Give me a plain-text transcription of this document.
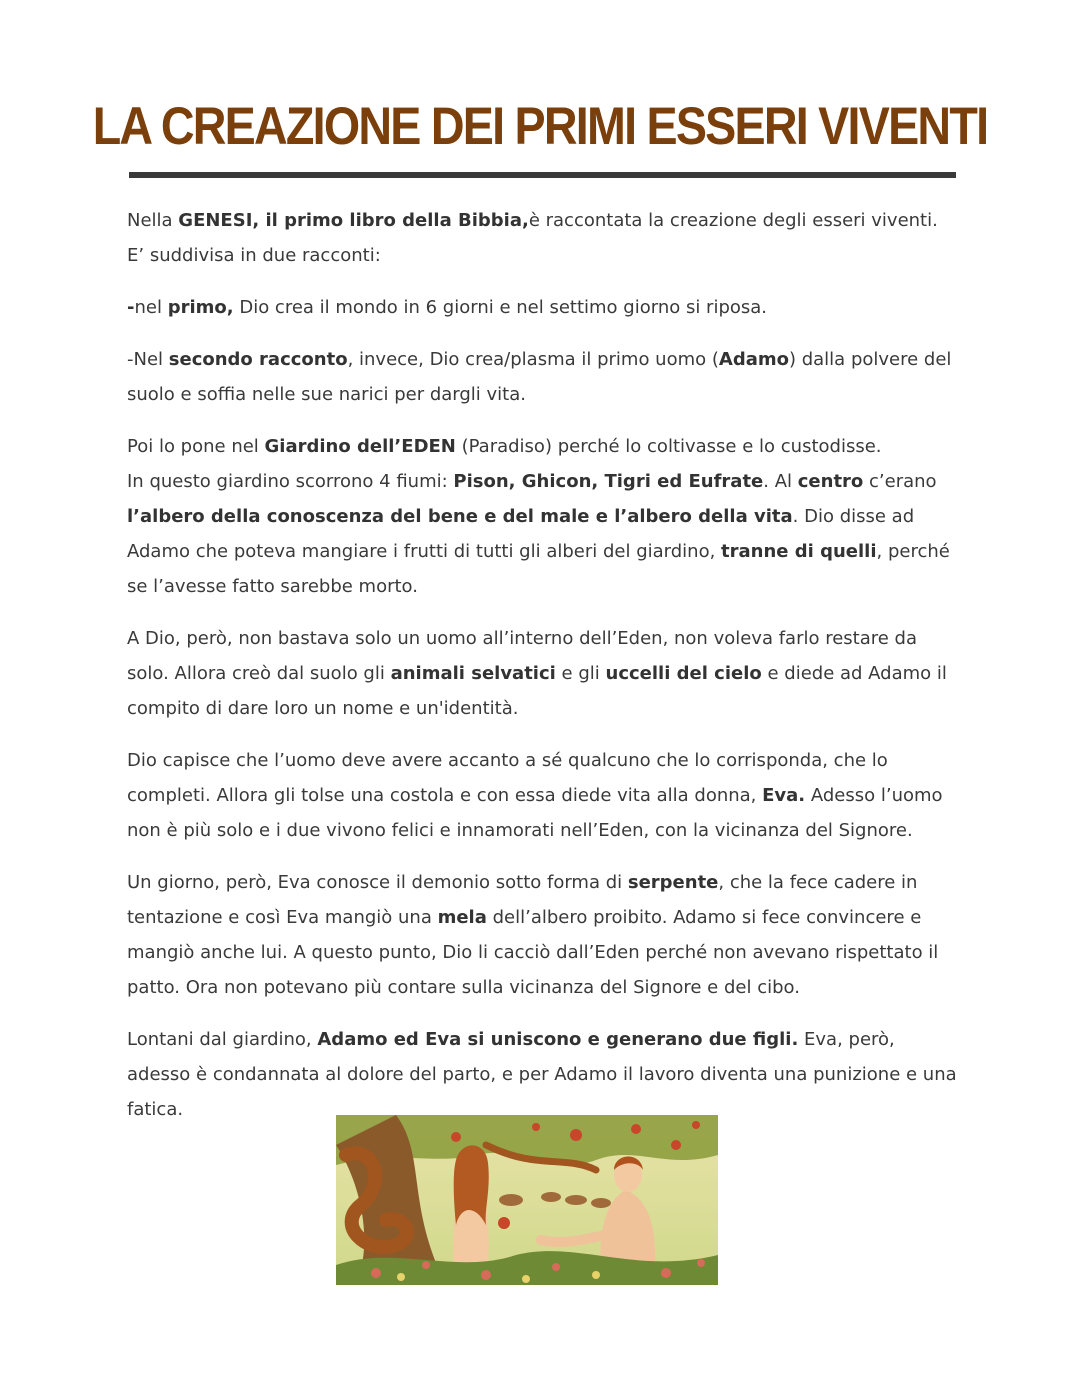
LA CREAZIONE DEI PRIMI ESSERI VIVENTI

Nella GENESI, il primo libro della Bibbia,è raccontata la creazione degli esseri viventi.
E’ suddivisa in due racconti:

-nel primo, Dio crea il mondo in 6 giorni e nel settimo giorno si riposa.

-Nel secondo racconto, invece, Dio crea/plasma il primo uomo (Adamo) dalla polvere del suolo e soffia nelle sue narici per dargli vita.

Poi lo pone nel Giardino dell’EDEN (Paradiso) perché lo coltivasse e lo custodisse.
In questo giardino scorrono 4 fiumi: Pison, Ghicon, Tigri ed Eufrate. Al centro c’erano l’albero della conoscenza del bene e del male e l’albero della vita. Dio disse ad Adamo che poteva mangiare i frutti di tutti gli alberi del giardino, tranne di quelli, perché se l’avesse fatto sarebbe morto.

A Dio, però, non bastava solo un uomo all’interno dell’Eden, non voleva farlo restare da solo. Allora creò dal suolo gli animali selvatici e gli uccelli del cielo e diede ad Adamo il compito di dare loro un nome e un'identità.

Dio capisce che l’uomo deve avere accanto a sé qualcuno che lo corrisponda, che lo completi. Allora gli tolse una costola e con essa diede vita alla donna, Eva. Adesso l’uomo non è più solo e i due vivono felici e innamorati nell’Eden, con la vicinanza del Signore.

Un giorno, però, Eva conosce il demonio sotto forma di serpente, che la fece cadere in tentazione e così Eva mangiò una mela dell’albero proibito. Adamo si fece convincere e mangiò anche lui. A questo punto, Dio li cacciò dall’Eden perché non avevano rispettato il patto. Ora non potevano più contare sulla vicinanza del Signore e del cibo.

Lontani dal giardino, Adamo ed Eva si uniscono e generano due figli. Eva, però, adesso è condannata al dolore del parto, e per Adamo il lavoro diventa una punizione e una fatica.
